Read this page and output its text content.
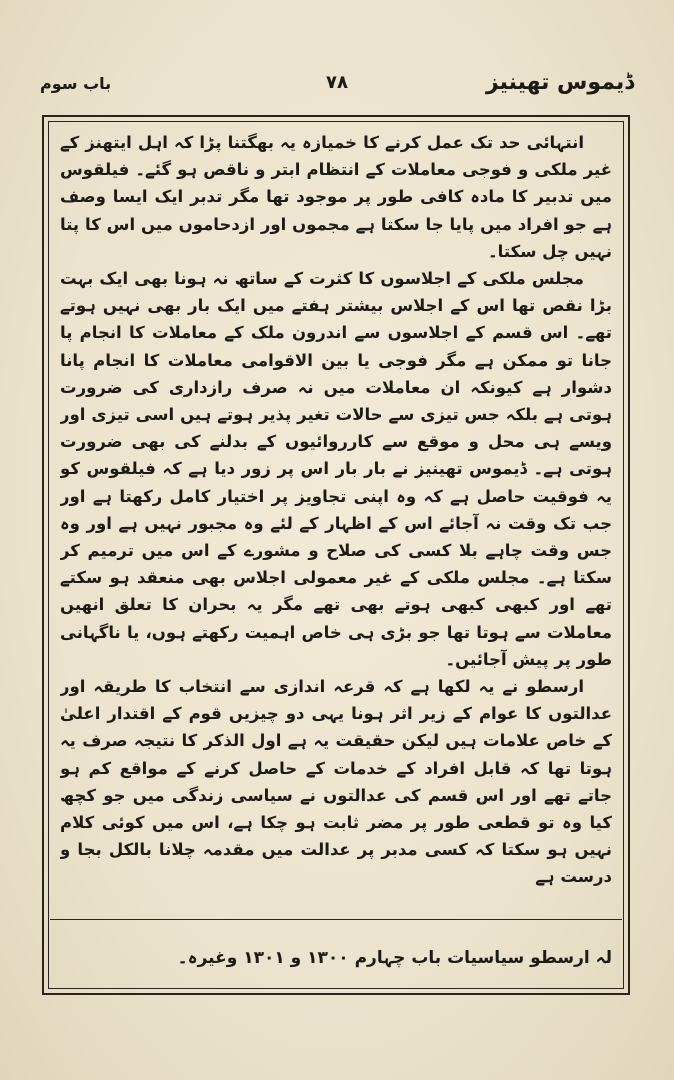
ڈیموس تھینیز
۷۸
باب سوم

انتہائی حد تک عمل کرنے کا خمیازہ یہ بھگتنا پڑا کہ اہل ایتھنز کے غیر ملکی و فوجی معاملات کے انتظام ابتر و ناقص ہو گئے۔ فیلقوس میں تدبیر کا مادہ کافی طور پر موجود تھا مگر تدبر ایک ایسا وصف ہے جو افراد میں پایا جا سکتا ہے مجموں اور ازدحاموں میں اس کا پتا نہیں چل سکتا۔

مجلس ملکی کے اجلاسوں کا کثرت کے ساتھ نہ ہونا بھی ایک بہت بڑا نقص تھا اس کے اجلاس بیشتر ہفتے میں ایک بار بھی نہیں ہوتے تھے۔ اس قسم کے اجلاسوں سے اندرون ملک کے معاملات کا انجام پا جانا تو ممکن ہے مگر فوجی یا بین الاقوامی معاملات کا انجام پانا دشوار ہے کیونکہ ان معاملات میں نہ صرف رازداری کی ضرورت ہوتی ہے بلکہ جس تیزی سے حالات تغیر پذیر ہوتے ہیں اسی تیزی اور ویسے ہی محل و موقع سے کارروائیوں کے بدلنے کی بھی ضرورت ہوتی ہے۔ ڈیموس تھینیز نے بار بار اس پر زور دیا ہے کہ فیلقوس کو یہ فوقیت حاصل ہے کہ وہ اپنی تجاویز پر اختیار کامل رکھتا ہے اور جب تک وقت نہ آجائے اس کے اظہار کے لئے وہ مجبور نہیں ہے اور وہ جس وقت چاہے بلا کسی کی صلاح و مشورے کے اس میں ترمیم کر سکتا ہے۔ مجلس ملکی کے غیر معمولی اجلاس بھی منعقد ہو سکتے تھے اور کبھی کبھی ہوتے بھی تھے مگر یہ بحران کا تعلق انھیں معاملات سے ہوتا تھا جو بڑی ہی خاص اہمیت رکھتے ہوں، یا ناگہانی طور پر پیش آجائیں۔

ارسطو نے یہ لکھا ہے کہ قرعہ اندازی سے انتخاب کا طریقہ اور عدالتوں کا عوام کے زیر اثر ہونا یہی دو چیزیں قوم کے اقتدار اعلیٰ کے خاص علامات ہیں لیکن حقیقت یہ ہے اول الذکر کا نتیجہ صرف یہ ہوتا تھا کہ قابل افراد کے خدمات کے حاصل کرنے کے مواقع کم ہو جاتے تھے اور اس قسم کی عدالتوں نے سیاسی زندگی میں جو کچھ کیا وہ تو قطعی طور پر مضر ثابت ہو چکا ہے، اس میں کوئی کلام نہیں ہو سکتا کہ کسی مدبر پر عدالت میں مقدمہ چلانا بالکل بجا و درست ہے

لہ ارسطو سیاسیات باب چہارم ۱۳۰۰ و ۱۳۰۱ وغیرہ۔
